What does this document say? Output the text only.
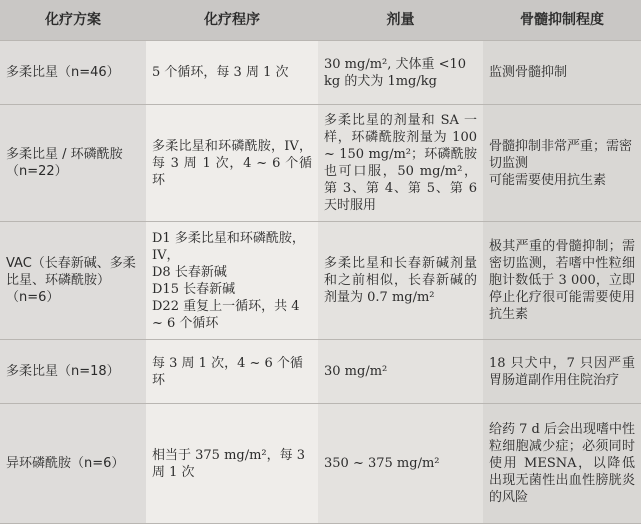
化疗方案	化疗程序	剂量	骨髓抑制程度
多柔比星（n=46）	5 个循环，每 3 周 1 次	30 mg/m², 犬体重 <10 kg 的犬为 1mg/kg	监测骨髓抑制
多柔比星 / 环磷酰胺（n=22）	多柔比星和环磷酰胺，IV，每 3 周 1 次，4 ~ 6 个循环	多柔比星的剂量和 SA 一样，环磷酰胺剂量为 100 ~ 150 mg/m²；环磷酰胺也可口服，50 mg/m²，第 3、第 4、第 5、第 6 天时服用	骨髓抑制非常严重；需密切监测
可能需要使用抗生素
VAC（长春新碱、多柔比星、环磷酰胺）（n=6）	D1 多柔比星和环磷酰胺，IV，
D8 长春新碱
D15 长春新碱
D22 重复上一循环，共 4 ~ 6 个循环	多柔比星和长春新碱剂量和之前相似，长春新碱的剂量为 0.7 mg/m²	极其严重的骨髓抑制；需密切监测，若嗜中性粒细胞计数低于 3 000，立即停止化疗很可能需要使用抗生素
多柔比星（n=18）	每 3 周 1 次，4 ~ 6 个循环	30 mg/m²	18 只犬中，7 只因严重胃肠道副作用住院治疗
异环磷酰胺（n=6）	相当于 375 mg/m²，每 3 周 1 次	350 ~ 375 mg/m²	给药 7 d 后会出现嗜中性粒细胞减少症；必须同时使用 MESNA，以降低出现无菌性出血性膀胱炎的风险
